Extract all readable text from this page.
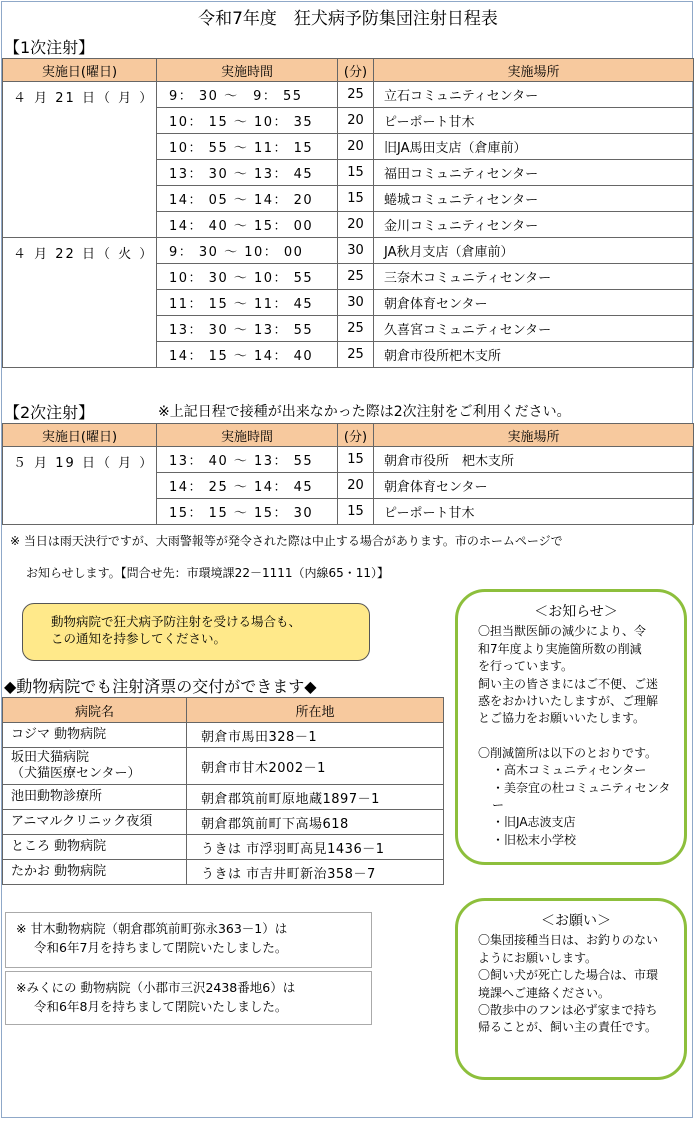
令和7年度　狂犬病予防集団注射日程表
【1次注射】
実施日(曜日)	実施時間	(分)	実施場所
４ 月 21 日（ 月 ）	9： 30 ～　9： 55	25	立石コミュニティセンター
	10： 15 ～ 10： 35	20	ピーポート甘木
	10： 55 ～ 11： 15	20	旧JA馬田支店（倉庫前）
	13： 30 ～ 13： 45	15	福田コミュニティセンター
	14： 05 ～ 14： 20	15	蜷城コミュニティセンター
	14： 40 ～ 15： 00	20	金川コミュニティセンター
４ 月 22 日（ 火 ）	9： 30 ～ 10： 00	30	JA秋月支店（倉庫前）
	10： 30 ～ 10： 55	25	三奈木コミュニティセンター
	11： 15 ～ 11： 45	30	朝倉体育センター
	13： 30 ～ 13： 55	25	久喜宮コミュニティセンター
	14： 15 ～ 14： 40	25	朝倉市役所杷木支所
【2次注射】	※上記日程で接種が出来なかった際は2次注射をご利用ください。
実施日(曜日)	実施時間	(分)	実施場所
５ 月 19 日（ 月 ）	13： 40 ～ 13： 55	15	朝倉市役所　杷木支所
	14： 25 ～ 14： 45	20	朝倉体育センター
	15： 15 ～ 15： 30	15	ピーポート甘木
※ 当日は雨天決行ですが、大雨警報等が発令された際は中止する場合があります。市のホームページで
お知らせします。【問合せ先：市環境課22－1111（内線65・11）】
動物病院で狂犬病予防注射を受ける場合も、
この通知を持参してください。
◆動物病院でも注射済票の交付ができます◆
病院名	所在地

コジマ 動物病院	朝倉市馬田328－1

坂田犬猫病院
（犬猫医療センター）	朝倉市甘木2002－1

池田動物診療所	朝倉郡筑前町原地蔵1897－1

アニマルクリニック夜須	朝倉郡筑前町下高場618

ところ 動物病院	うきは 市浮羽町高見1436－1

たかお 動物病院	うきは 市吉井町新治358－7
※ 甘木動物病院（朝倉郡筑前町弥永363－1）は
令和6年7月を持ちまして閉院いたしました。
※みくにの 動物病院（小郡市三沢2438番地6）は
令和6年8月を持ちまして閉院いたしました。
＜お知らせ＞
〇担当獣医師の減少により、令
和7年度より実施箇所数の削減
を行っています。
飼い主の皆さまにはご不便、ご迷
惑をおかけいたしますが、ご理解
とご協力をお願いいたします。
〇削減箇所は以下のとおりです。
・高木コミュニティセンター
・美奈宜の杜コミュニティセンター
・旧JA志波支店
・旧松末小学校
＜お願い＞
〇集団接種当日は、お釣りのない
ようにお願いします。
〇飼い犬が死亡した場合は、市環
境課へご連絡ください。
〇散歩中のフンは必ず家まで持ち
帰ることが、飼い主の責任です。
